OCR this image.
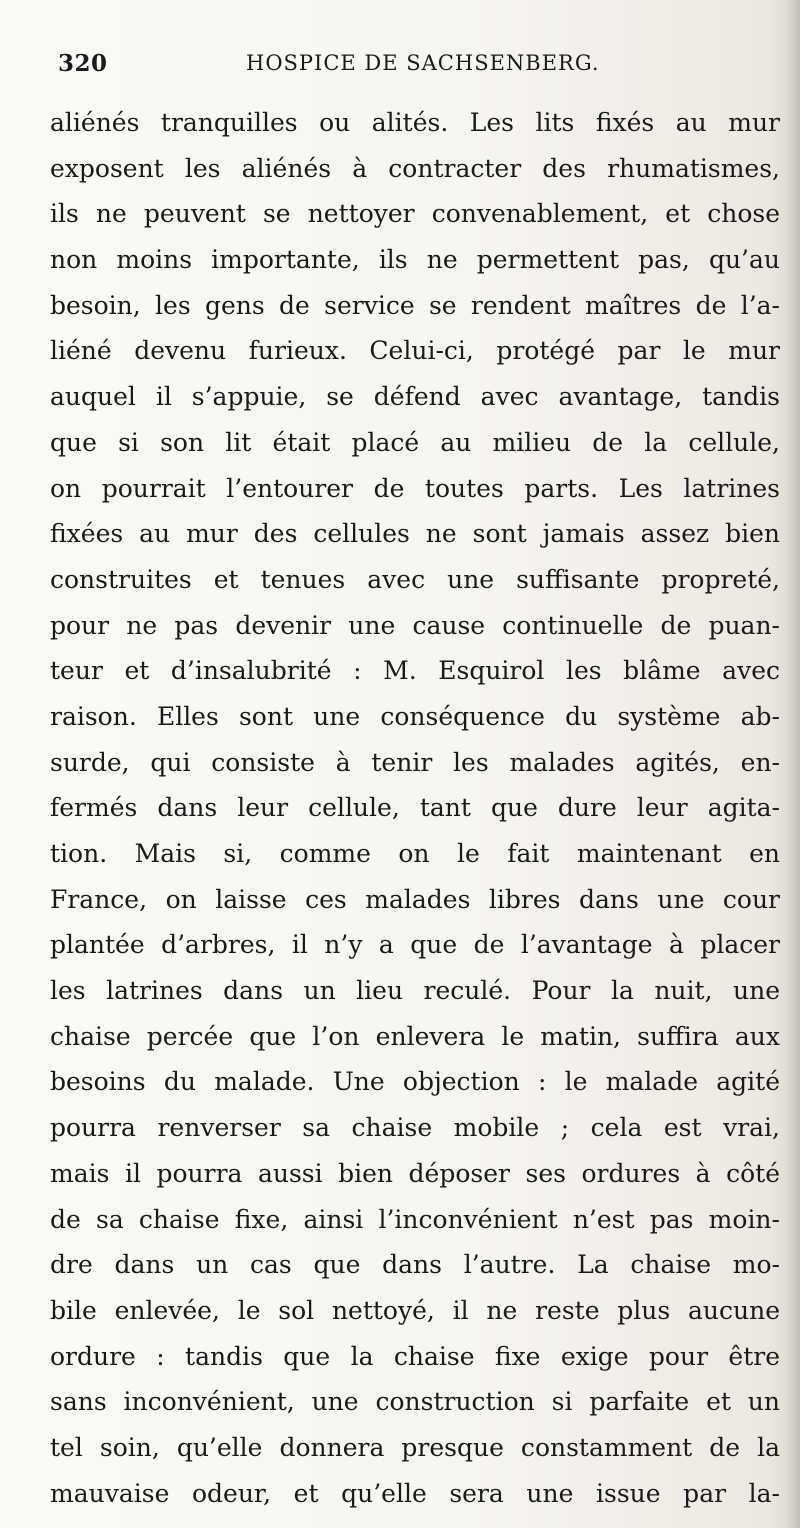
320	HOSPICE DE SACHSENBERG.
aliénés tranquilles ou alités. Les lits fixés au mur
exposent les aliénés à contracter des rhumatismes,
ils ne peuvent se nettoyer convenablement, et chose
non moins importante, ils ne permettent pas, qu’au
besoin, les gens de service se rendent maîtres de l’a-
liéné devenu furieux. Celui-ci, protégé par le mur
auquel il s’appuie, se défend avec avantage, tandis
que si son lit était placé au milieu de la cellule,
on pourrait l’entourer de toutes parts. Les latrines
fixées au mur des cellules ne sont jamais assez bien
construites et tenues avec une suffisante propreté,
pour ne pas devenir une cause continuelle de puan-
teur et d’insalubrité : M. Esquirol les blâme avec
raison. Elles sont une conséquence du système ab-
surde, qui consiste à tenir les malades agités, en-
fermés dans leur cellule, tant que dure leur agita-
tion. Mais si, comme on le fait maintenant en
France, on laisse ces malades libres dans une cour
plantée d’arbres, il n’y a que de l’avantage à placer
les latrines dans un lieu reculé. Pour la nuit, une
chaise percée que l’on enlevera le matin, suffira aux
besoins du malade. Une objection : le malade agité
pourra renverser sa chaise mobile ; cela est vrai,
mais il pourra aussi bien déposer ses ordures à côté
de sa chaise fixe, ainsi l’inconvénient n’est pas moin-
dre dans un cas que dans l’autre. La chaise mo-
bile enlevée, le sol nettoyé, il ne reste plus aucune
ordure : tandis que la chaise fixe exige pour être
sans inconvénient, une construction si parfaite et un
tel soin, qu’elle donnera presque constamment de la
mauvaise odeur, et qu’elle sera une issue par la-
